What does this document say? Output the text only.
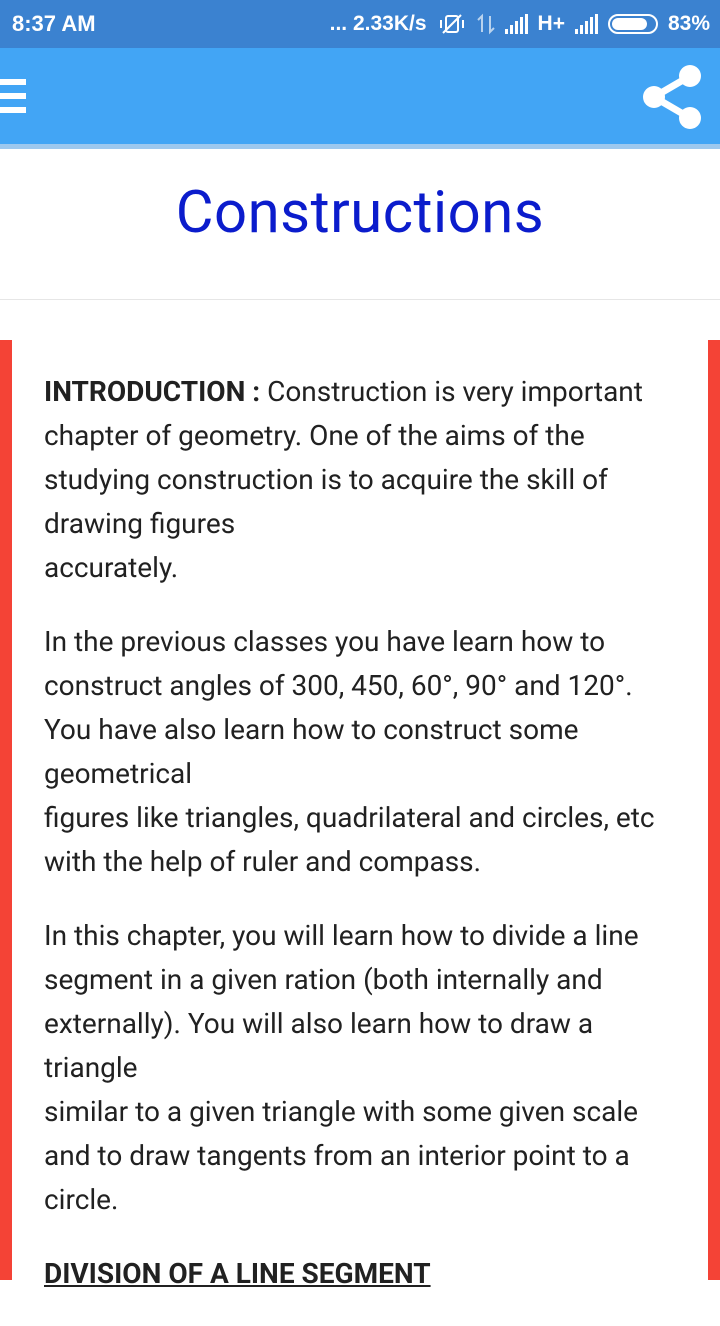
8:37 AM	... 2.33K/s	H+	83%
Constructions

INTRODUCTION : Construction is very important chapter of geometry. One of the aims of the studying construction is to acquire the skill of drawing figures
accurately.

In the previous classes you have learn how to construct angles of 300, 450, 60°, 90° and 120°. You have also learn how to construct some geometrical
figures like triangles, quadrilateral and circles, etc with the help of ruler and compass.

In this chapter, you will learn how to divide a line segment in a given ration (both internally and externally). You will also learn how to draw a triangle
similar to a given triangle with some given scale and to draw tangents from an interior point to a circle.

DIVISION OF A LINE SEGMENT
